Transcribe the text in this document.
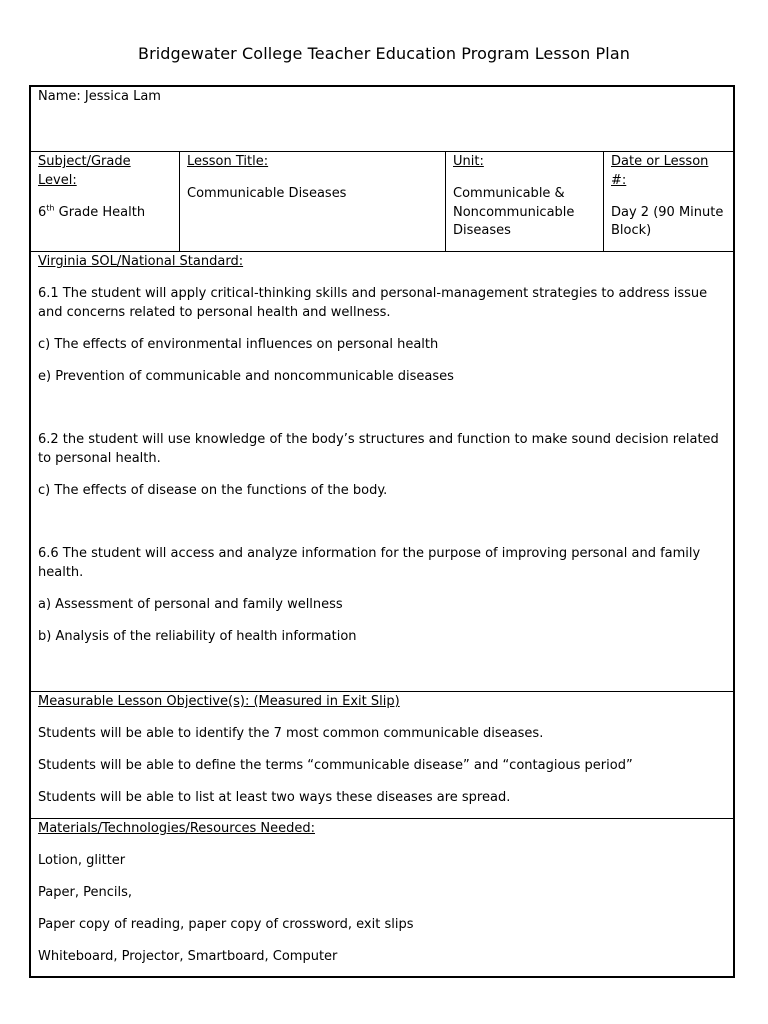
Bridgewater College Teacher Education Program Lesson Plan

Name: Jessica Lam

Subject/Grade Level:

6th Grade Health

Lesson Title:

Communicable Diseases

Unit:

Communicable & Noncommunicable Diseases

Date or Lesson #:

Day 2 (90 Minute Block)

Virginia SOL/National Standard:

6.1 The student will apply critical-thinking skills and personal-management strategies to address issue and concerns related to personal health and wellness.

c) The effects of environmental influences on personal health

e) Prevention of communicable and noncommunicable diseases

6.2 the student will use knowledge of the body’s structures and function to make sound decision related to personal health.

c) The effects of disease on the functions of the body.

6.6 The student will access and analyze information for the purpose of improving personal and family health.

a) Assessment of personal and family wellness

b) Analysis of the reliability of health information

Measurable Lesson Objective(s): (Measured in Exit Slip)

Students will be able to identify the 7 most common communicable diseases.

Students will be able to define the terms “communicable disease” and “contagious period”

Students will be able to list at least two ways these diseases are spread.

Materials/Technologies/Resources Needed:

Lotion, glitter

Paper, Pencils,

Paper copy of reading, paper copy of crossword, exit slips

Whiteboard, Projector, Smartboard, Computer
